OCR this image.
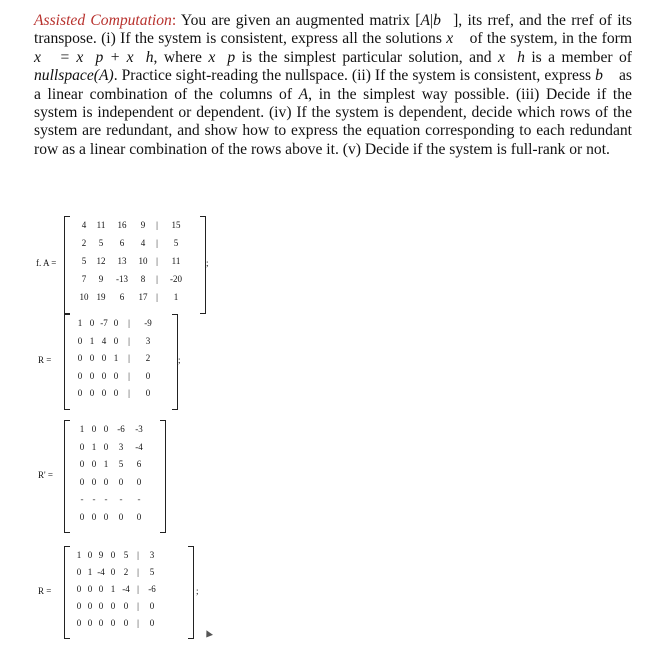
Assisted Computation: You are given an augmented matrix [A|b⃗], its rref, and the rref of its transpose. (i) If the system is consistent, express all the solutions x⃗ of the system, in the form x⃗ = x⃗p + x⃗h, where x⃗p is the simplest particular solution, and x⃗h is a member of nullspace(A). Practice sight-reading the nullspace. (ii) If the system is consistent, express b⃗ as a linear combination of the columns of A, in the simplest way possible. (iii) Decide if the system is independent or dependent. (iv) If the system is dependent, decide which rows of the system are redundant, and show how to express the equation corresponding to each redundant row as a linear combination of the rows above it. (v) Decide if the system is full-rank or not.
f. A =
4	11	16	9	|	15
2	5	6	4	|	5
5	12	13	10 |	11
7	9	-13	8	|	-20
10 19	6	17 |	1
;
R =
1 0 -7 0	|	-9
0 1 4 0	|	3
0 0 0 1	|	2
0 0 0 0	|	0
0 0 0 0	|	0
;
R' =
1 0 0	-6	-3
0 1 0	3	-4
0 0 1	5	6
0 0 0	0	0
-	-	-	-	-
0 0 0	0	0
R =
1 0 9 0 5 |	3
0 1 -4 0 2 |	5
0 0 0 1 -4 |	-6
0 0 0 0 0 |	0
0 0 0 0 0 |	0
;
